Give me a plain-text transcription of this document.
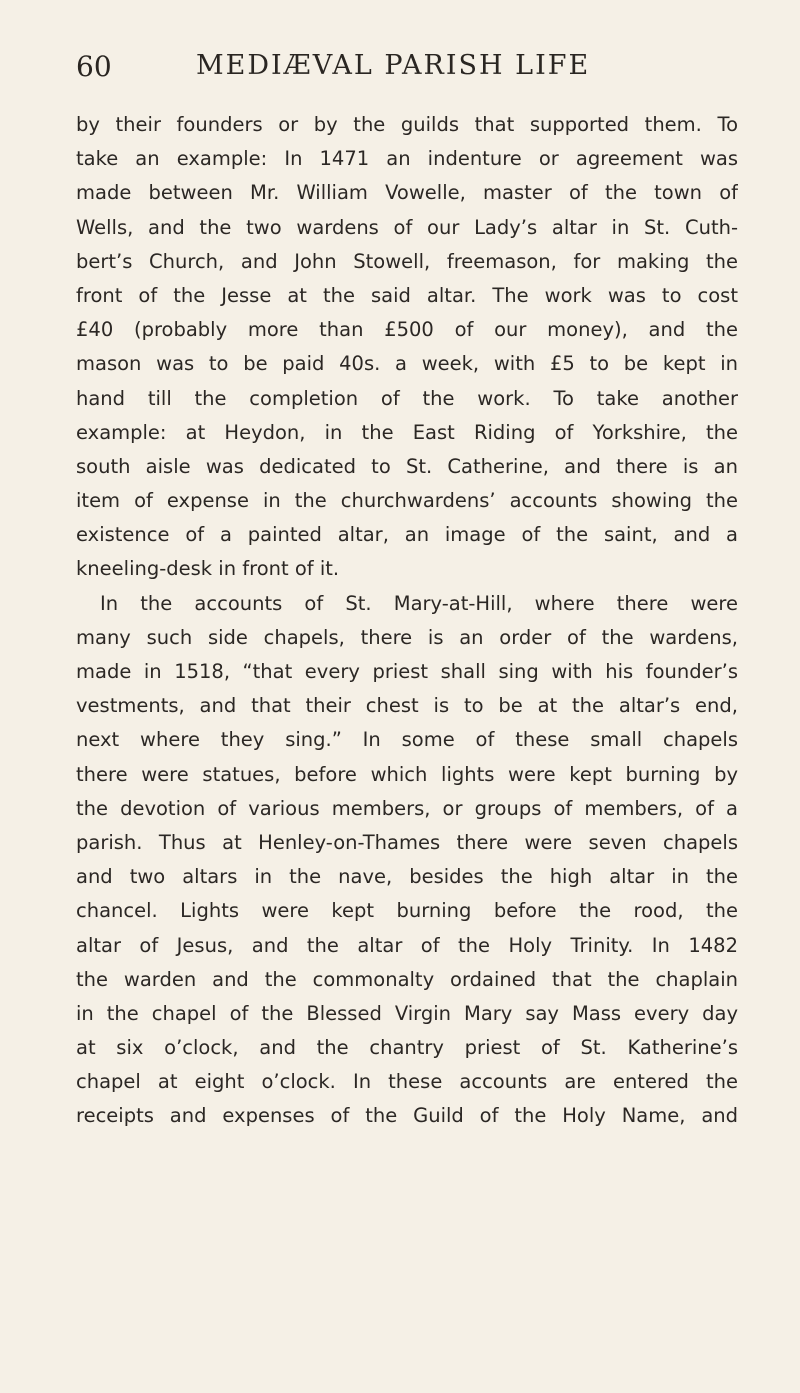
60	MEDIÆVAL PARISH LIFE
by their founders or by the guilds that supported them. To
take an example: In 1471 an indenture or agreement was
made between Mr. William Vowelle, master of the town of
Wells, and the two wardens of our Lady’s altar in St. Cuth-
bert’s Church, and John Stowell, freemason, for making the
front of the Jesse at the said altar. The work was to cost
£40 (probably more than £500 of our money), and the
mason was to be paid 40s. a week, with £5 to be kept in
hand till the completion of the work. To take another
example: at Heydon, in the East Riding of Yorkshire, the
south aisle was dedicated to St. Catherine, and there is an
item of expense in the churchwardens’ accounts showing the
existence of a painted altar, an image of the saint, and a
kneeling-desk in front of it.
In the accounts of St. Mary-at-Hill, where there were
many such side chapels, there is an order of the wardens,
made in 1518, “that every priest shall sing with his founder’s
vestments, and that their chest is to be at the altar’s end,
next where they sing.” In some of these small chapels
there were statues, before which lights were kept burning by
the devotion of various members, or groups of members, of a
parish. Thus at Henley-on-Thames there were seven chapels
and two altars in the nave, besides the high altar in the
chancel. Lights were kept burning before the rood, the
altar of Jesus, and the altar of the Holy Trinity. In 1482
the warden and the commonalty ordained that the chaplain
in the chapel of the Blessed Virgin Mary say Mass every day
at six o’clock, and the chantry priest of St. Katherine’s
chapel at eight o’clock. In these accounts are entered the
receipts and expenses of the Guild of the Holy Name, and
